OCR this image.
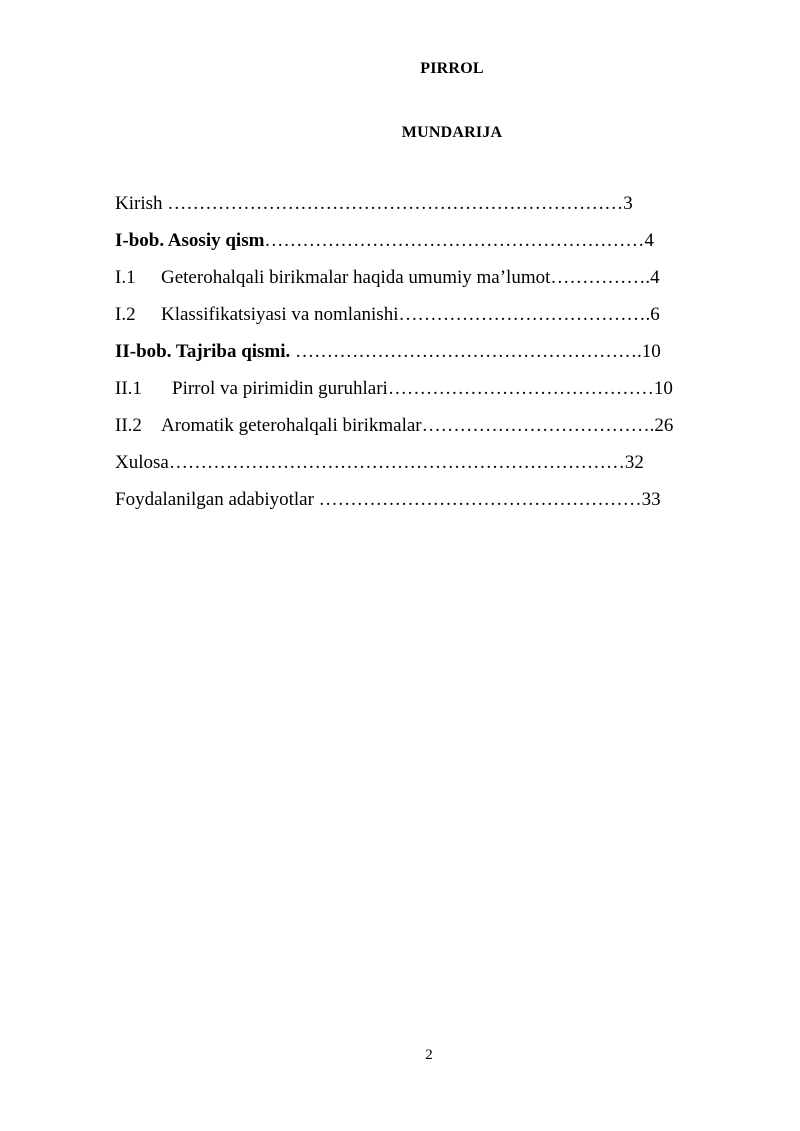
PIRROL
MUNDARIJA
Kirish ………………………………………………………………3
I-bob. Asosiy qism……………………………………………………4
I.1 Geterohalqali birikmalar haqida umumiy ma’lumot…………….4
I.2 Klassifikatsiyasi va nomlanishi………………………………….6
II-bob. Tajriba qismi. ……………………………………………….10
II.1 Pirrol va pirimidin guruhlari……………………………………10
II.2 Aromatik geterohalqali birikmalar……………………………….26
Xulosa………………………………………………………………32
Foydalanilgan adabiyotlar ……………………………………………33
2
